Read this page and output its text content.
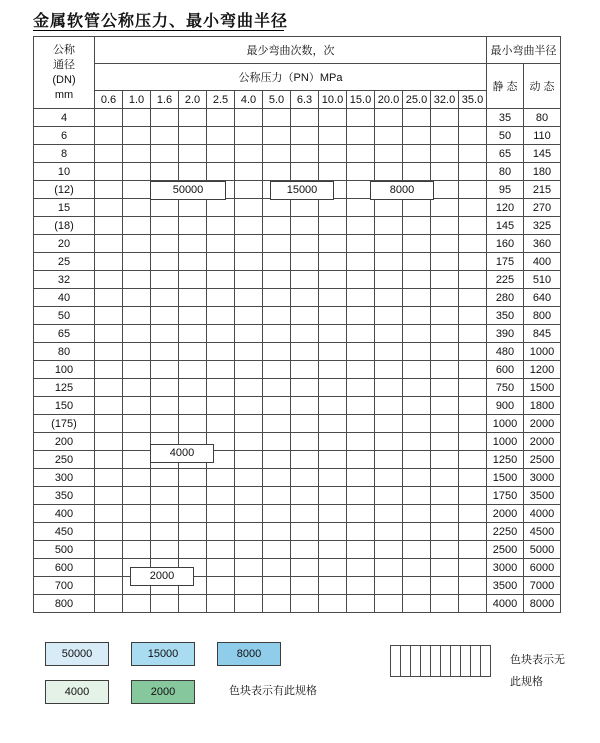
金属软管公称压力、最小弯曲半径
公称
通径
(DN)
mm	最少弯曲次数，次														最小弯曲半径	
	公称压力（PN）MPa														静 态	动 态
	0.6	1.0	1.6	2.0	2.5	4.0	5.0	6.3	10.0	15.0	20.0	25.0	32.0	35.0		
4															35	80
6															50	110
8															65	145
10															80	180
(12)															95	215
15															120	270
(18)															145	325
20															160	360
25															175	400
32															225	510
40															280	640
50															350	800
65															390	845
80															480	1000
100															600	1200
125															750	1500
150															900	1800
(175)															1000	2000
200															1000	2000
250															1250	2500
300															1500	3000
350															1750	3500
400															2000	4000
450															2250	4500
500															2500	5000
600															3000	6000
700															3500	7000
800															4000	8000
50000	15000	8000
4000
2000
50000	15000	8000
4000	2000	色块表示有此规格

色块表示无此规格
